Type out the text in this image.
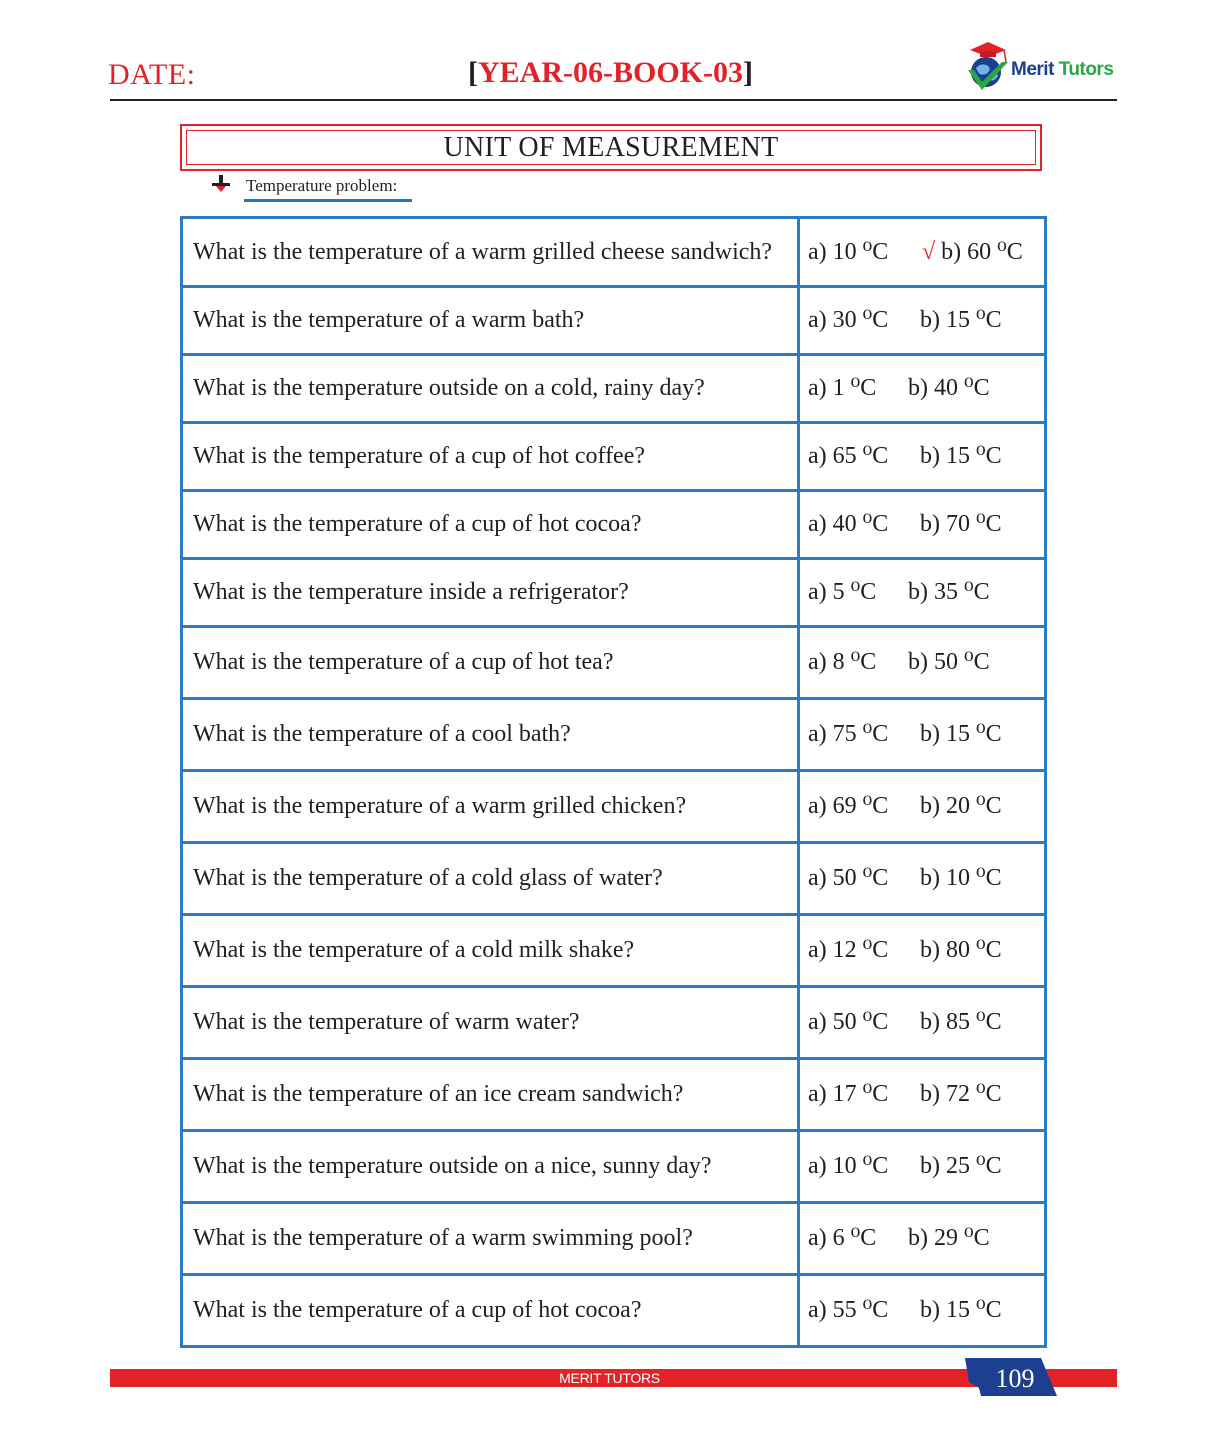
DATE:	[YEAR-06-BOOK-03]	Merit Tutors
UNIT OF MEASUREMENT
Temperature problem:
What is the temperature of a warm grilled cheese sandwich?	a) 10 ⁰C √ b) 60 ⁰C
What is the temperature of a warm bath?	a) 30 ⁰C b) 15 ⁰C
What is the temperature outside on a cold, rainy day?	a) 1 ⁰C b) 40 ⁰C
What is the temperature of a cup of hot coffee?	a) 65 ⁰C b) 15 ⁰C
What is the temperature of a cup of hot cocoa?	a) 40 ⁰C b) 70 ⁰C
What is the temperature inside a refrigerator?	a) 5 ⁰C b) 35 ⁰C
What is the temperature of a cup of hot tea?	a) 8 ⁰C b) 50 ⁰C
What is the temperature of a cool bath?	a) 75 ⁰C b) 15 ⁰C
What is the temperature of a warm grilled chicken?	a) 69 ⁰C b) 20 ⁰C
What is the temperature of a cold glass of water?	a) 50 ⁰C b) 10 ⁰C
What is the temperature of a cold milk shake?	a) 12 ⁰C b) 80 ⁰C
What is the temperature of warm water?	a) 50 ⁰C b) 85 ⁰C
What is the temperature of an ice cream sandwich?	a) 17 ⁰C b) 72 ⁰C
What is the temperature outside on a nice, sunny day?	a) 10 ⁰C b) 25 ⁰C
What is the temperature of a warm swimming pool?	a) 6 ⁰C b) 29 ⁰C
What is the temperature of a cup of hot cocoa?	a) 55 ⁰C b) 15 ⁰C
MERIT TUTORS	109
